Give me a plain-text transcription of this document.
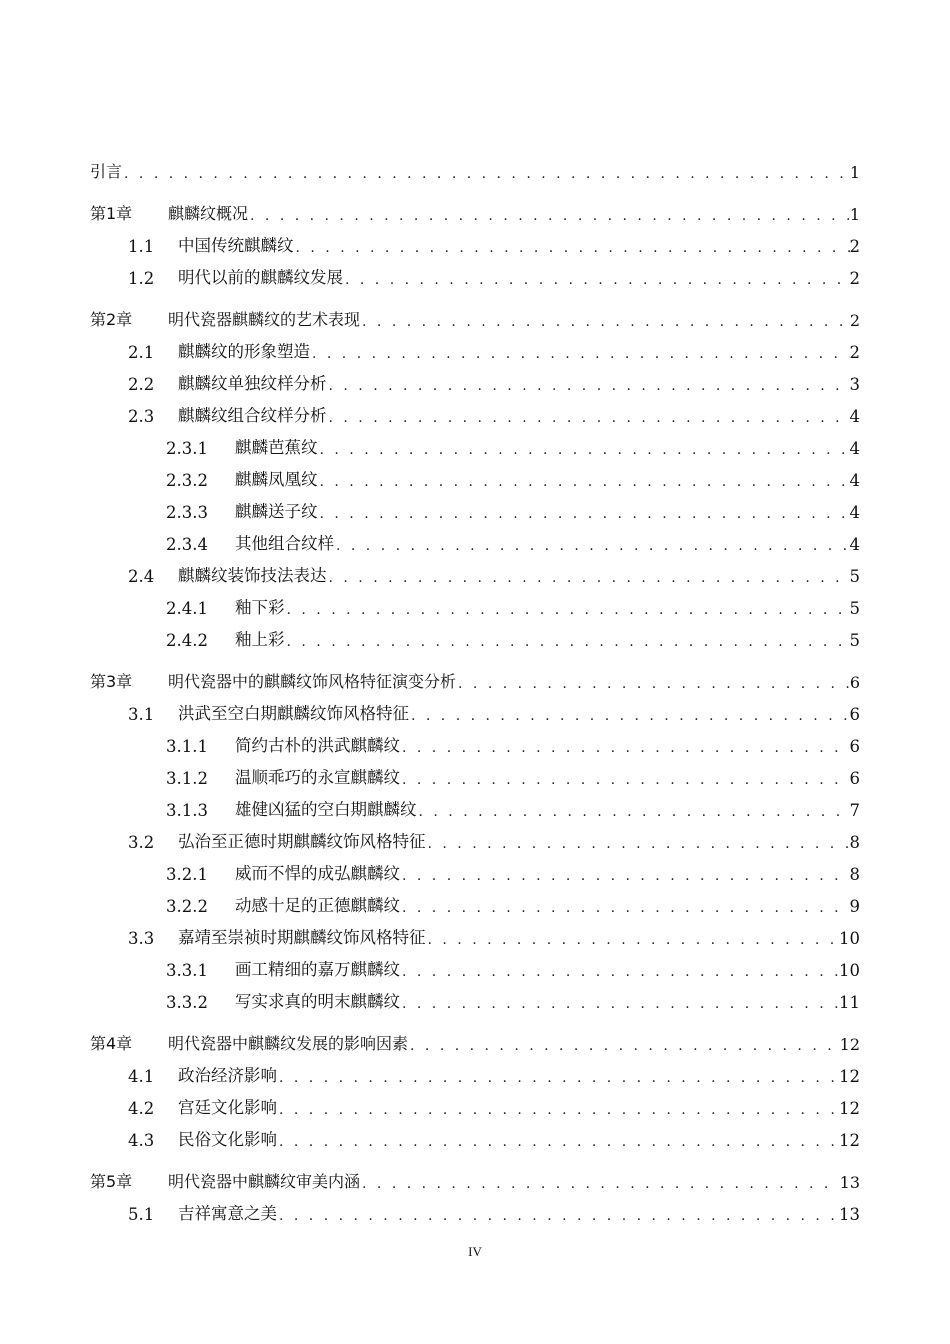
引言 . . .	1
第1章	麒麟纹概况 . . .	1
1.1	中国传统麒麟纹 . . .	2
1.2	明代以前的麒麟纹发展 . . .	2
第2章	明代瓷器麒麟纹的艺术表现 . . .	2
2.1	麒麟纹的形象塑造 . . .	2
2.2	麒麟纹单独纹样分析 . . .	3
2.3	麒麟纹组合纹样分析 . . .	4
2.3.1	麒麟芭蕉纹 . . .	4
2.3.2	麒麟凤凰纹 . . .	4
2.3.3	麒麟送子纹 . . .	4
2.3.4	其他组合纹样 . . .	4
2.4	麒麟纹装饰技法表达 . . .	5
2.4.1	釉下彩 . . .	5
2.4.2	釉上彩 . . .	5
第3章	明代瓷器中的麒麟纹饰风格特征演变分析 . . .	6
3.1	洪武至空白期麒麟纹饰风格特征 . . .	6
3.1.1	简约古朴的洪武麒麟纹 . . .	6
3.1.2	温顺乖巧的永宣麒麟纹 . . .	6
3.1.3	雄健凶猛的空白期麒麟纹 . . .	7
3.2	弘治至正德时期麒麟纹饰风格特征 . . .	8
3.2.1	威而不悍的成弘麒麟纹 . . .	8
3.2.2	动感十足的正德麒麟纹 . . .	9
3.3	嘉靖至崇祯时期麒麟纹饰风格特征 . . .	10
3.3.1	画工精细的嘉万麒麟纹 . . .	10
3.3.2	写实求真的明末麒麟纹 . . .	11
第4章	明代瓷器中麒麟纹发展的影响因素 . . .	12
4.1	政治经济影响 . . .	12
4.2	宫廷文化影响 . . .	12
4.3	民俗文化影响 . . .	12
第5章	明代瓷器中麒麟纹审美内涵 . . .	13
5.1	吉祥寓意之美 . . .	13
IV
